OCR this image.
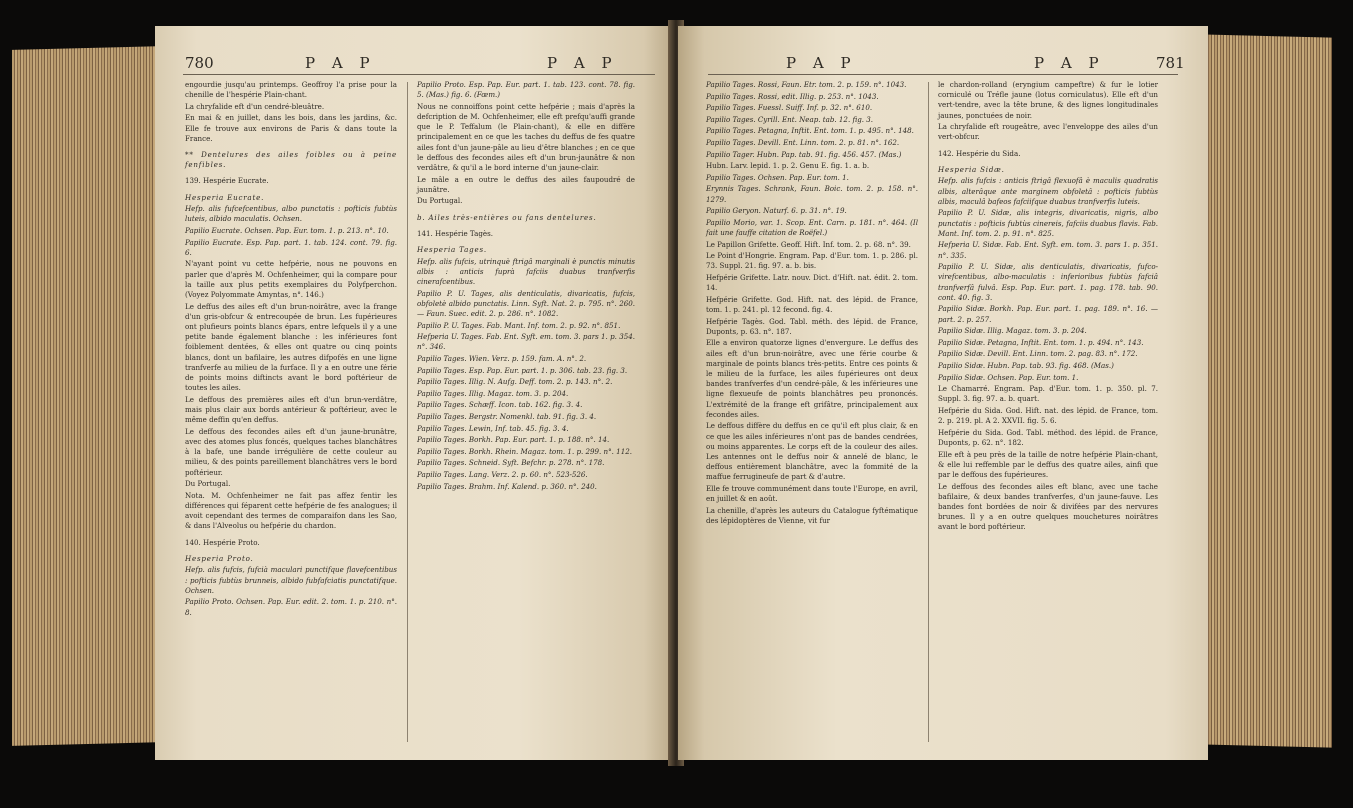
780	P A P	P A P

engourdie jusqu'au printemps. Geoffroy l'a prise pour la chenille de l'hespérie Plain-chant.

La chryfalide eft d'un cendré-bleuâtre.

En mai & en juillet, dans les bois, dans les jardins, &c. Elle fe trouve aux environs de Paris & dans toute la France.

** Dentelures des ailes foibles ou à peine fenfibles.

139. Hespérie Eucrate.

Hesperia Eucrate.

Hefp. alis fufcefcentibus, albo punctatis : pofticis fubtùs luteis, albido maculatis. Ochsen.

Papilio Eucrate. Ochsen. Pap. Eur. tom. 1. p. 213. n°. 10.

Papilio Eucrate. Esp. Pap. part. 1. tab. 124. cont. 79. fig. 6.

N'ayant point vu cette hefpérie, nous ne pouvons en parler que d'après M. Ochfenheimer, qui la compare pour la taille aux plus petits exemplaires du Polyfperchon. (Voyez Polyommate Amyntas, n°. 146.)

Le deffus des ailes eft d'un brun-noirâtre, avec la frange d'un gris-obfcur & entrecoupée de brun. Les fupérieures ont plufieurs points blancs épars, entre lefquels il y a une petite bande également blanche : les inférieures font foiblement dentées, & elles ont quatre ou cinq points blancs, dont un bafilaire, les autres difpofés en une ligne tranfverfe au milieu de la furface. Il y a en outre une férie de points moins diftincts avant le bord poftérieur de toutes les ailes.

Le deffous des premières ailes eft d'un brun-verdâtre, mais plus clair aux bords antérieur & poftérieur, avec le même deffin qu'en deffus.

Le deffous des fecondes ailes eft d'un jaune-brunâtre, avec des atomes plus foncés, quelques taches blanchâtres à la bafe, une bande irrégulière de cette couleur au milieu, & des points pareillement blanchâtres vers le bord poftérieur.

Du Portugal.

Nota. M. Ochfenheimer ne fait pas affez fentir les différences qui féparent cette hefpérie de fes analogues; il avoit cependant des termes de comparaifon dans les Sao, & dans l'Alveolus ou hefpérie du chardon.

140. Hespérie Proto.

Hesperia Proto.

Hefp. alis fufcis, fufcià maculari punctifque flavefcentibus : pofticis fubtùs brunneis, albido fubfafciatis punctatifque. Ochsen.

Papilio Proto. Ochsen. Pap. Eur. edit. 2. tom. 1. p. 210. n°. 8.

Papilio Proto. Esp. Pap. Eur. part. 1. tab. 123. cont. 78. fig. 5. (Mas.) fig. 6. (Fœm.)

Nous ne connoiffons point cette hefpérie ; mais d'après la defcription de M. Ochfenheimer, elle eft prefqu'auffi grande que le P. Teffalum (le Plain-chant), & elle en diffère principalement en ce que les taches du deffus de fes quatre ailes font d'un jaune-pâle au lieu d'être blanches ; en ce que le deffous des fecondes ailes eft d'un brun-jaunâtre & non verdâtre, & qu'il a le bord interne d'un jaune-clair.

Le mâle a en outre le deffus des ailes faupoudré de jaunâtre.

Du Portugal.

b. Ailes très-entières ou fans dentelures.

141. Hespérie Tagès.

Hesperia Tages.

Hefp. alis fufcis, utrinquè ftrigâ marginali è punctis minutis albis : anticis fuprà fafciis duabus tranfverfis cinerafcentibus.

Papilio P. U. Tages, alis denticulatis, divaricatis, fufcis, obfoletè albido punctatis. Linn. Syft. Nat. 2. p. 795. n°. 260. — Faun. Suec. edit. 2. p. 286. n°. 1082.

Papilio P. U. Tages. Fab. Mant. Inf. tom. 2. p. 92. n°. 851.

Hefperia U. Tages. Fab. Ent. Syft. em. tom. 3. pars 1. p. 354. n°. 346.

Papilio Tages. Wien. Verz. p. 159. fam. A. n°. 2.

Papilio Tages. Esp. Pap. Eur. part. 1. p. 306. tab. 23. fig. 3.

Papilio Tages. Illig. N. Aufg. Deff. tom. 2. p. 143. n°. 2.

Papilio Tages. Illig. Magaz. tom. 3. p. 204.

Papilio Tages. Schæff. Icon. tab. 162. fig. 3. 4.

Papilio Tages. Bergstr. Nomenkl. tab. 91. fig. 3. 4.

Papilio Tages. Lewin, Inf. tab. 45. fig. 3. 4.

Papilio Tages. Borkh. Pap. Eur. part. 1. p. 188. n°. 14.

Papilio Tages. Borkh. Rhein. Magaz. tom. 1. p. 299. n°. 112.

Papilio Tages. Schneid. Syft. Befchr. p. 278. n°. 178.

Papilio Tages. Lang. Verz. 2. p. 60. n°. 523-526.

Papilio Tages. Brahm. Inf. Kalend. p. 360. n°. 240.

P A P	P A P	781

Papilio Tages. Rossi, Faun. Etr. tom. 2. p. 159. n°. 1043.

Papilio Tages. Rossi, edit. Illig. p. 253. n°. 1043.

Papilio Tages. Fuessl. Suiff. Inf. p. 32. n°. 610.

Papilio Tages. Cyrill. Ent. Neap. tab. 12. fig. 3.

Papilio Tages. Petagna, Inftit. Ent. tom. 1. p. 495. n°. 148.

Papilio Tages. Devill. Ent. Linn. tom. 2. p. 81. n°. 162.

Papilio Tager. Hubn. Pap. tab. 91. fig. 456. 457. (Mas.)

Hubn. Larv. lepid. 1. p. 2. Genu E. fig. 1. a. b.

Papilio Tages. Ochsen. Pap. Eur. tom. 1.

Erynnis Tages. Schrank, Faun. Boic. tom. 2. p. 158. n°. 1279.

Papilio Geryon. Naturf. 6. p. 31. n°. 19.

Papilio Morio, var. 1. Scop. Ent. Carn. p. 181. n°. 464. (Il fait une fauffe citation de Roëfel.)

Le Papillon Grifette. Geoff. Hift. Inf. tom. 2. p. 68. n°. 39.

Le Point d'Hongrie. Engram. Pap. d'Eur. tom. 1. p. 286. pl. 73. Suppl. 21. fig. 97. a. b. bis.

Hefpérie Grifette. Latr. nouv. Dict. d'Hift. nat. édit. 2. tom. 14.

Hefpérie Grifette. God. Hift. nat. des lépid. de France, tom. 1. p. 241. pl. 12 fecond. fig. 4.

Hefpérie Tagès. God. Tabl. méth. des lépid. de France, Duponts, p. 63. n°. 187.

Elle a environ quatorze lignes d'envergure. Le deffus des ailes eft d'un brun-noirâtre, avec une férie courbe & marginale de points blancs très-petits. Entre ces points & le milieu de la furface, les ailes fupérieures ont deux bandes tranfverfes d'un cendré-pâle, & les inférieures une ligne flexueufe de points blanchâtres peu prononcés. L'extrémité de la frange eft grifâtre, principalement aux fecondes ailes.

Le deffous diffère du deffus en ce qu'il eft plus clair, & en ce que les ailes inférieures n'ont pas de bandes cendrées, ou moins apparentes. Le corps eft de la couleur des ailes. Les antennes ont le deffus noir & annelé de blanc, le deffous entièrement blanchâtre, avec la fommité de la maffue ferrugineufe de part & d'autre.

Elle fe trouve communément dans toute l'Europe, en avril, en juillet & en août.

La chenille, d'après les auteurs du Catalogue fyftématique des lépidoptères de Vienne, vit fur

le chardon-rolland (eryngium campeftre) & fur le lotier corniculé ou Tréfle jaune (lotus corniculatus). Elle eft d'un vert-tendre, avec la tête brune, & des lignes longitudinales jaunes, ponctuées de noir.

La chryfalide eft rougeâtre, avec l'enveloppe des ailes d'un vert-obfcur.

142. Hespérie du Sida.

Hesperia Sidæ.

Hefp. alis fufcis : anticis ftrigâ flexuofâ è maculis quadratis albis, alterâque ante marginem obfoletâ : pofticis fubtùs albis, maculâ bafeos fafciifque duabus tranfverfis luteis.

Papilio P. U. Sidæ, alis integris, divaricatis, nigris, albo punctatis : pofticis fubtùs cinereis, fafciis duabus flavis. Fab. Mant. Inf. tom. 2. p. 91. n°. 825.

Hefperia U. Sidæ. Fab. Ent. Syft. em. tom. 3. pars 1. p. 351. n°. 335.

Papilio P. U. Sidæ, alis denticulatis, divaricatis, fufco-virefcentibus, albo-maculatis : inferioribus fubtùs fafciâ tranfverfâ fulvâ. Esp. Pap. Eur. part. 1. pag. 178. tab. 90. cont. 40. fig. 3.

Papilio Sidæ. Borkh. Pap. Eur. part. 1. pag. 189. n°. 16. — part. 2. p. 257.

Papilio Sidæ. Illig. Magaz. tom. 3. p. 204.

Papilio Sidæ. Petagna, Inftit. Ent. tom. 1. p. 494. n°. 143.

Papilio Sidæ. Devill. Ent. Linn. tom. 2. pag. 83. n°. 172.

Papilio Sidæ. Hubn. Pap. tab. 93. fig. 468. (Mas.)

Papilio Sidæ. Ochsen. Pap. Eur. tom. 1.

Le Chamarré. Engram. Pap. d'Eur. tom. 1. p. 350. pl. 7. Suppl. 3. fig. 97. a. b. quart.

Hefpérie du Sida. God. Hift. nat. des lépid. de France, tom. 2. p. 219. pl. A 2. XXVII. fig. 5. 6.

Hefpérie du Sida. God. Tabl. méthod. des lépid. de France, Duponts, p. 62. n°. 182.

Elle eft à peu près de la taille de notre hefpérie Plain-chant, & elle lui reffemble par le deffus des quatre ailes, ainfi que par le deffous des fupérieures.

Le deffous des fecondes ailes eft blanc, avec une tache bafilaire, & deux bandes tranfverfes, d'un jaune-fauve. Les bandes font bordées de noir & divifées par des nervures brunes. Il y a en outre quelques mouchetures noirâtres avant le bord poftérieur.
